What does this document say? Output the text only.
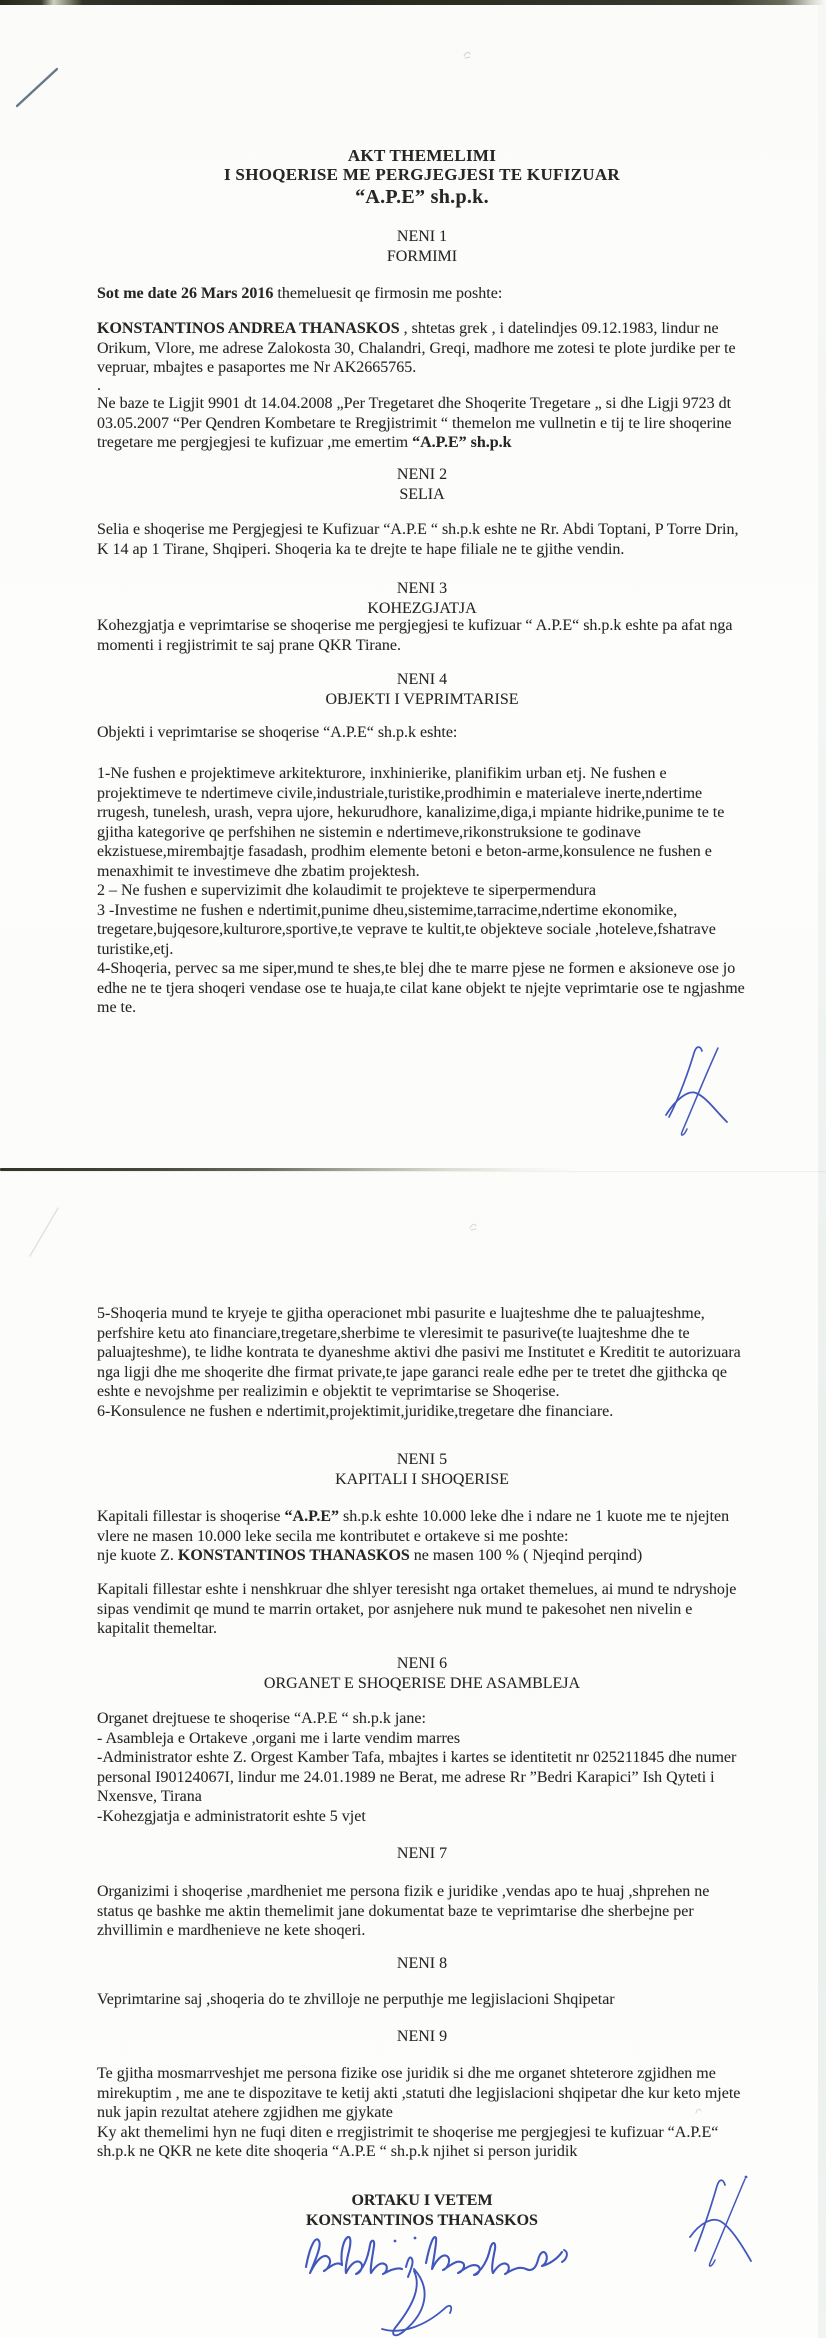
AKT THEMELIMI
I SHOQERISE ME PERGJEGJESI TE KUFIZUAR
“A.P.E” sh.p.k.
NENI 1
FORMIMI

Sot me date 26 Mars 2016 themeluesit qe firmosin me poshte:

KONSTANTINOS ANDREA THANASKOS , shtetas grek , i datelindjes 09.12.1983, lindur ne Orikum, Vlore, me adrese Zalokosta 30, Chalandri, Greqi, madhore me zotesi te plote jurdike per te vepruar, mbajtes e pasaportes me Nr AK2665765.

.

Ne baze te Ligjit 9901 dt 14.04.2008 „Per Tregetaret dhe Shoqerite Tregetare „ si dhe Ligji 9723 dt 03.05.2007 “Per Qendren Kombetare te Rregjistrimit “ themelon me vullnetin e tij te lire shoqerine tregetare me pergjegjesi te kufizuar ,me emertim “A.P.E” sh.p.k

NENI 2
SELIA

Selia e shoqerise me Pergjegjesi te Kufizuar “A.P.E “ sh.p.k eshte ne Rr. Abdi Toptani, P Torre Drin, K 14 ap 1 Tirane, Shqiperi. Shoqeria ka te drejte te hape filiale ne te gjithe vendin.

NENI 3
KOHEZGJATJA

Kohezgjatja e veprimtarise se shoqerise me pergjegjesi te kufizuar “ A.P.E“ sh.p.k eshte pa afat nga momenti i regjistrimit te saj prane QKR Tirane.

NENI 4
OBJEKTI I VEPRIMTARISE

Objekti i veprimtarise se shoqerise “A.P.E“ sh.p.k eshte:

1-Ne fushen e projektimeve arkitekturore, inxhinierike, planifikim urban etj. Ne fushen e projektimeve te ndertimeve civile,industriale,turistike,prodhimin e materialeve inerte,ndertime rrugesh, tunelesh, urash, vepra ujore, hekurudhore, kanalizime,diga,i mpiante hidrike,punime te te gjitha kategorive qe perfshihen ne sistemin e ndertimeve,rikonstruksione te godinave ekzistuese,mirembajtje fasadash, prodhim elemente betoni e beton-arme,konsulence ne fushen e menaxhimit te investimeve dhe zbatim projektesh.

2 – Ne fushen e supervizimit dhe kolaudimit te projekteve te siperpermendura

3 -Investime ne fushen e ndertimit,punime dheu,sistemime,tarracime,ndertime ekonomike, tregetare,bujqesore,kulturore,sportive,te veprave te kultit,te objekteve sociale ,hoteleve,fshatrave turistike,etj.

4-Shoqeria, pervec sa me siper,mund te shes,te blej dhe te marre pjese ne formen e aksioneve ose jo edhe ne te tjera shoqeri vendase ose te huaja,te cilat kane objekt te njejte veprimtarie ose te ngjashme me te.

5-Shoqeria mund te kryeje te gjitha operacionet mbi pasurite e luajteshme dhe te paluajteshme, perfshire ketu ato financiare,tregetare,sherbime te vleresimit te pasurive(te luajteshme dhe te paluajteshme), te lidhe kontrata te dyaneshme aktivi dhe pasivi me Institutet e Kreditit te autorizuara nga ligji dhe me shoqerite dhe firmat private,te jape garanci reale edhe per te tretet dhe gjithcka qe eshte e nevojshme per realizimin e objektit te veprimtarise se Shoqerise.

6-Konsulence ne fushen e ndertimit,projektimit,juridike,tregetare dhe financiare.

NENI 5
KAPITALI I SHOQERISE

Kapitali fillestar is shoqerise “A.P.E” sh.p.k eshte 10.000 leke dhe i ndare ne 1 kuote me te njejten vlere ne masen 10.000 leke secila me kontributet e ortakeve si me poshte:

nje kuote Z. KONSTANTINOS THANASKOS ne masen 100 % ( Njeqind perqind)

Kapitali fillestar eshte i nenshkruar dhe shlyer teresisht nga ortaket themelues, ai mund te ndryshoje sipas vendimit qe mund te marrin ortaket, por asnjehere nuk mund te pakesohet nen nivelin e kapitalit themeltar.

NENI 6
ORGANET E SHOQERISE DHE ASAMBLEJA

Organet drejtuese te shoqerise “A.P.E “ sh.p.k jane:

- Asambleja e Ortakeve ,organi me i larte vendim marres

-Administrator eshte Z. Orgest Kamber Tafa, mbajtes i kartes se identitetit nr 025211845 dhe numer personal I90124067I, lindur me 24.01.1989 ne Berat, me adrese Rr ”Bedri Karapici” Ish Qyteti i Nxensve, Tirana

-Kohezgjatja e administratorit eshte 5 vjet

NENI 7

Organizimi i shoqerise ,mardheniet me persona fizik e juridike ,vendas apo te huaj ,shprehen ne status qe bashke me aktin themelimit jane dokumentat baze te veprimtarise dhe sherbejne per zhvillimin e mardhenieve ne kete shoqeri.

NENI 8

Veprimtarine saj ,shoqeria do te zhvilloje ne perputhje me legjislacioni Shqipetar

NENI 9

Te gjitha mosmarrveshjet me persona fizike ose juridik si dhe me organet shteterore zgjidhen me mirekuptim , me ane te dispozitave te ketij akti ,statuti dhe legjislacioni shqipetar dhe kur keto mjete nuk japin rezultat atehere zgjidhen me gjykate

Ky akt themelimi hyn ne fuqi diten e rregjistrimit te shoqerise me pergjegjesi te kufizuar “A.P.E“ sh.p.k ne QKR ne kete dite shoqeria “A.P.E “ sh.p.k njihet si person juridik

ORTAKU I VETEM
KONSTANTINOS THANASKOS
